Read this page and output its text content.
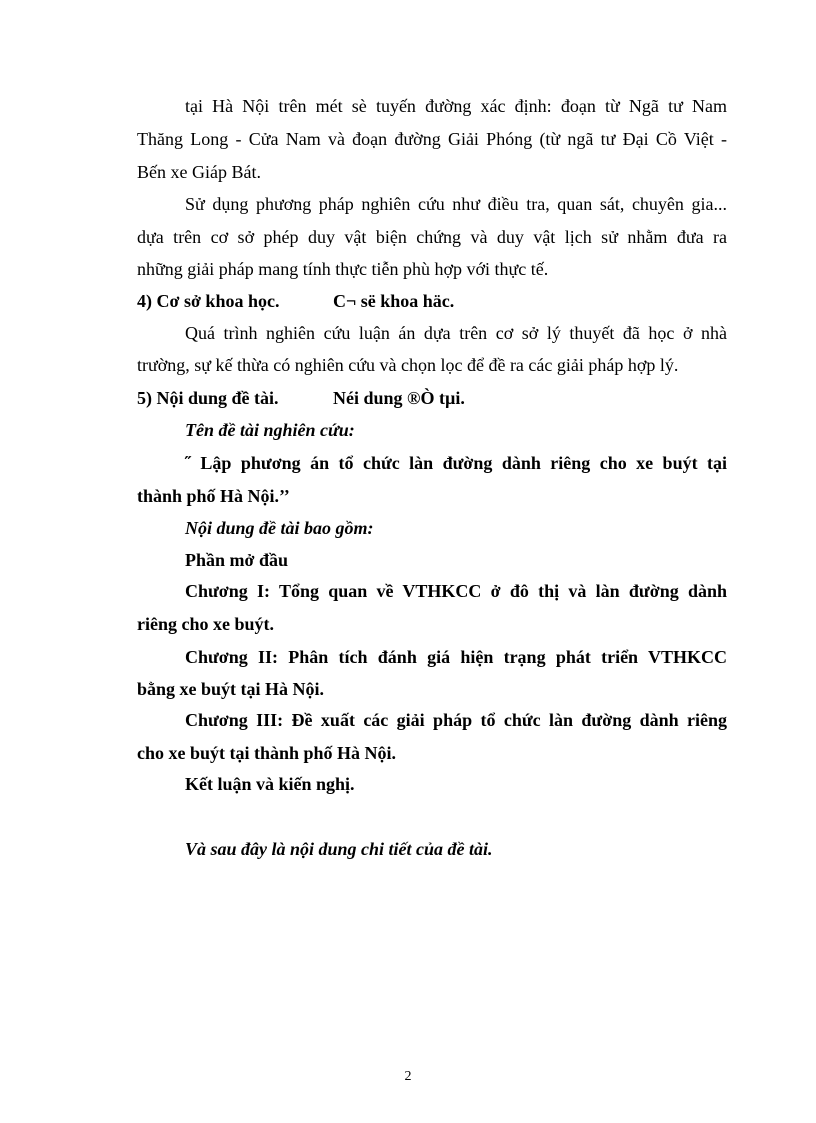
tại Hà Nội trên mét sè tuyến đường xác định: đoạn từ Ngã tư Nam
Thăng Long - Cửa Nam và đoạn đường Giải Phóng (từ ngã tư Đại Cồ Việt -
Bến xe Giáp Bát.
Sử dụng phương pháp nghiên cứu như điều tra, quan sát, chuyên gia...
dựa trên cơ sở phép duy vật biện chứng và duy vật lịch sử nhằm đưa ra
những giải pháp mang tính thực tiễn phù hợp với thực tế.
4) Cơ sở khoa học.	C¬ së khoa häc.
Quá trình nghiên cứu luận án dựa trên cơ sở lý thuyết đã học ở nhà
trường, sự kế thừa có nghiên cứu và chọn lọc để đề ra các giải pháp hợp lý.
5) Nội dung đề tài.	Néi dung ®Ò tµi.
Tên đề tài nghiên cứu:
˝ Lập phương án tổ chức làn đường dành riêng cho xe buýt tại
thành phố Hà Nội.’’
Nội dung đề tài bao gồm:
Phần mở đầu
Chương I: Tổng quan về VTHKCC ở đô thị và làn đường dành
riêng cho xe buýt.
Chương II: Phân tích đánh giá hiện trạng phát triển VTHKCC
bằng xe buýt tại Hà Nội.
Chương III: Đề xuất các giải pháp tổ chức làn đường dành riêng
cho xe buýt tại thành phố Hà Nội.
Kết luận và kiến nghị.
Và sau đây là nội dung chi tiết của đề tài.
2
